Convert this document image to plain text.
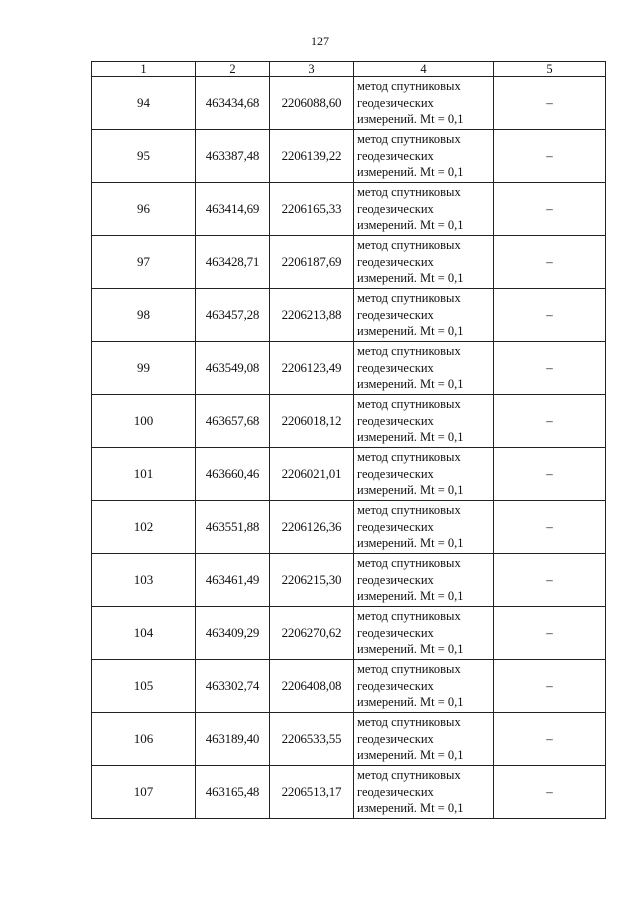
127
1	2	3	4	5
94	463434,68	2206088,60	метод спутниковых
геодезических
измерений. Mt = 0,1	–
95	463387,48	2206139,22	метод спутниковых
геодезических
измерений. Mt = 0,1	–
96	463414,69	2206165,33	метод спутниковых
геодезических
измерений. Mt = 0,1	–
97	463428,71	2206187,69	метод спутниковых
геодезических
измерений. Mt = 0,1	–
98	463457,28	2206213,88	метод спутниковых
геодезических
измерений. Mt = 0,1	–
99	463549,08	2206123,49	метод спутниковых
геодезических
измерений. Mt = 0,1	–
100	463657,68	2206018,12	метод спутниковых
геодезических
измерений. Mt = 0,1	–
101	463660,46	2206021,01	метод спутниковых
геодезических
измерений. Mt = 0,1	–
102	463551,88	2206126,36	метод спутниковых
геодезических
измерений. Mt = 0,1	–
103	463461,49	2206215,30	метод спутниковых
геодезических
измерений. Mt = 0,1	–
104	463409,29	2206270,62	метод спутниковых
геодезических
измерений. Mt = 0,1	–
105	463302,74	2206408,08	метод спутниковых
геодезических
измерений. Mt = 0,1	–
106	463189,40	2206533,55	метод спутниковых
геодезических
измерений. Mt = 0,1	–
107	463165,48	2206513,17	метод спутниковых
геодезических
измерений. Mt = 0,1	–
